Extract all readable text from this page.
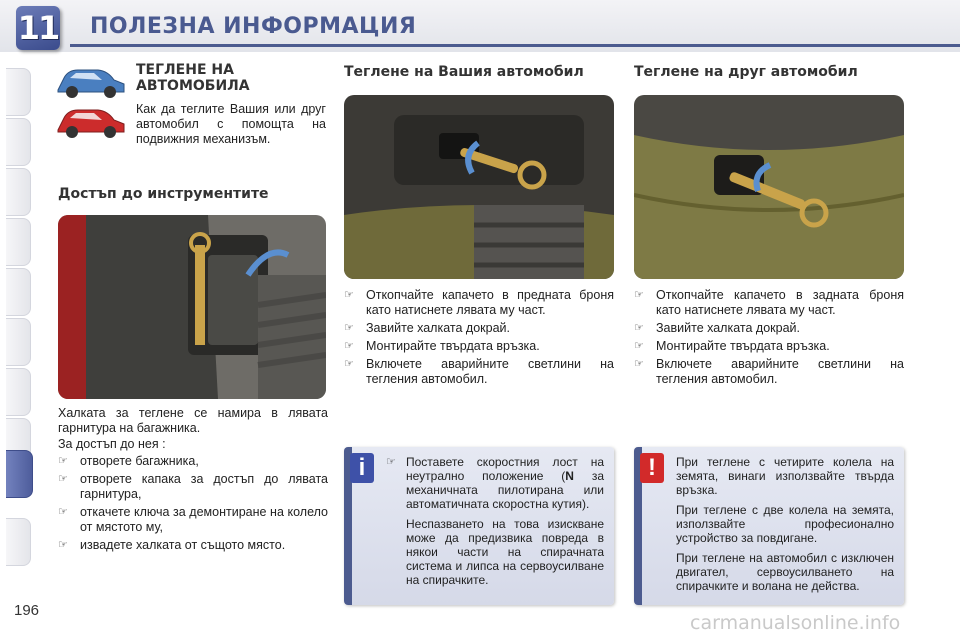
11 ПОЛЕЗНА ИНФОРМАЦИЯ
196
ТЕГЛЕНЕ НА
АВТОМОБИЛА
Как да теглите Вашия или друг автомобил с помощта на подвижния механизъм.
Достъп до инструментите
Халката за теглене се намира в лявата гарнитура на багажника.
За достъп до нея :
☞ отворете багажника,
☞ отворете капака за достъп до лявата гарнитура,
☞ откачете ключа за демонтиране на колело от мястото му,
☞ извадете халката от същото място.
Теглене на Вашия автомобил
☞ Откопчайте капачето в предната броня като натиснете лявата му част.
☞ Завийте халката докрай.
☞ Монтирайте твърдата връзка.
☞ Включете аварийните светлини на тегления автомобил.
Теглене на друг автомобил
☞ Откопчайте капачето в задната броня като натиснете лявата му част.
☞ Завийте халката докрай.
☞ Монтирайте твърдата връзка.
☞ Включете аварийните светлини на тегления автомобил.
i	☞ Поставете скоростния лост на неутрално положение (N за механичната пилотирана или автоматичната скоростна кутия).

Неспазването на това изискване може да предизвика повреда в някои части на спирачната система и липса на сервоусилване на спирачките.

!	При теглене с четирите колела на земята, винаги използвайте твърда връзка.

При теглене с две колела на земята, използвайте професионално устройство за повдигане.

При теглене на автомобил с изключен двигател, сервоусилването на спирачките и волана не действа.

carmanualsonline.info
